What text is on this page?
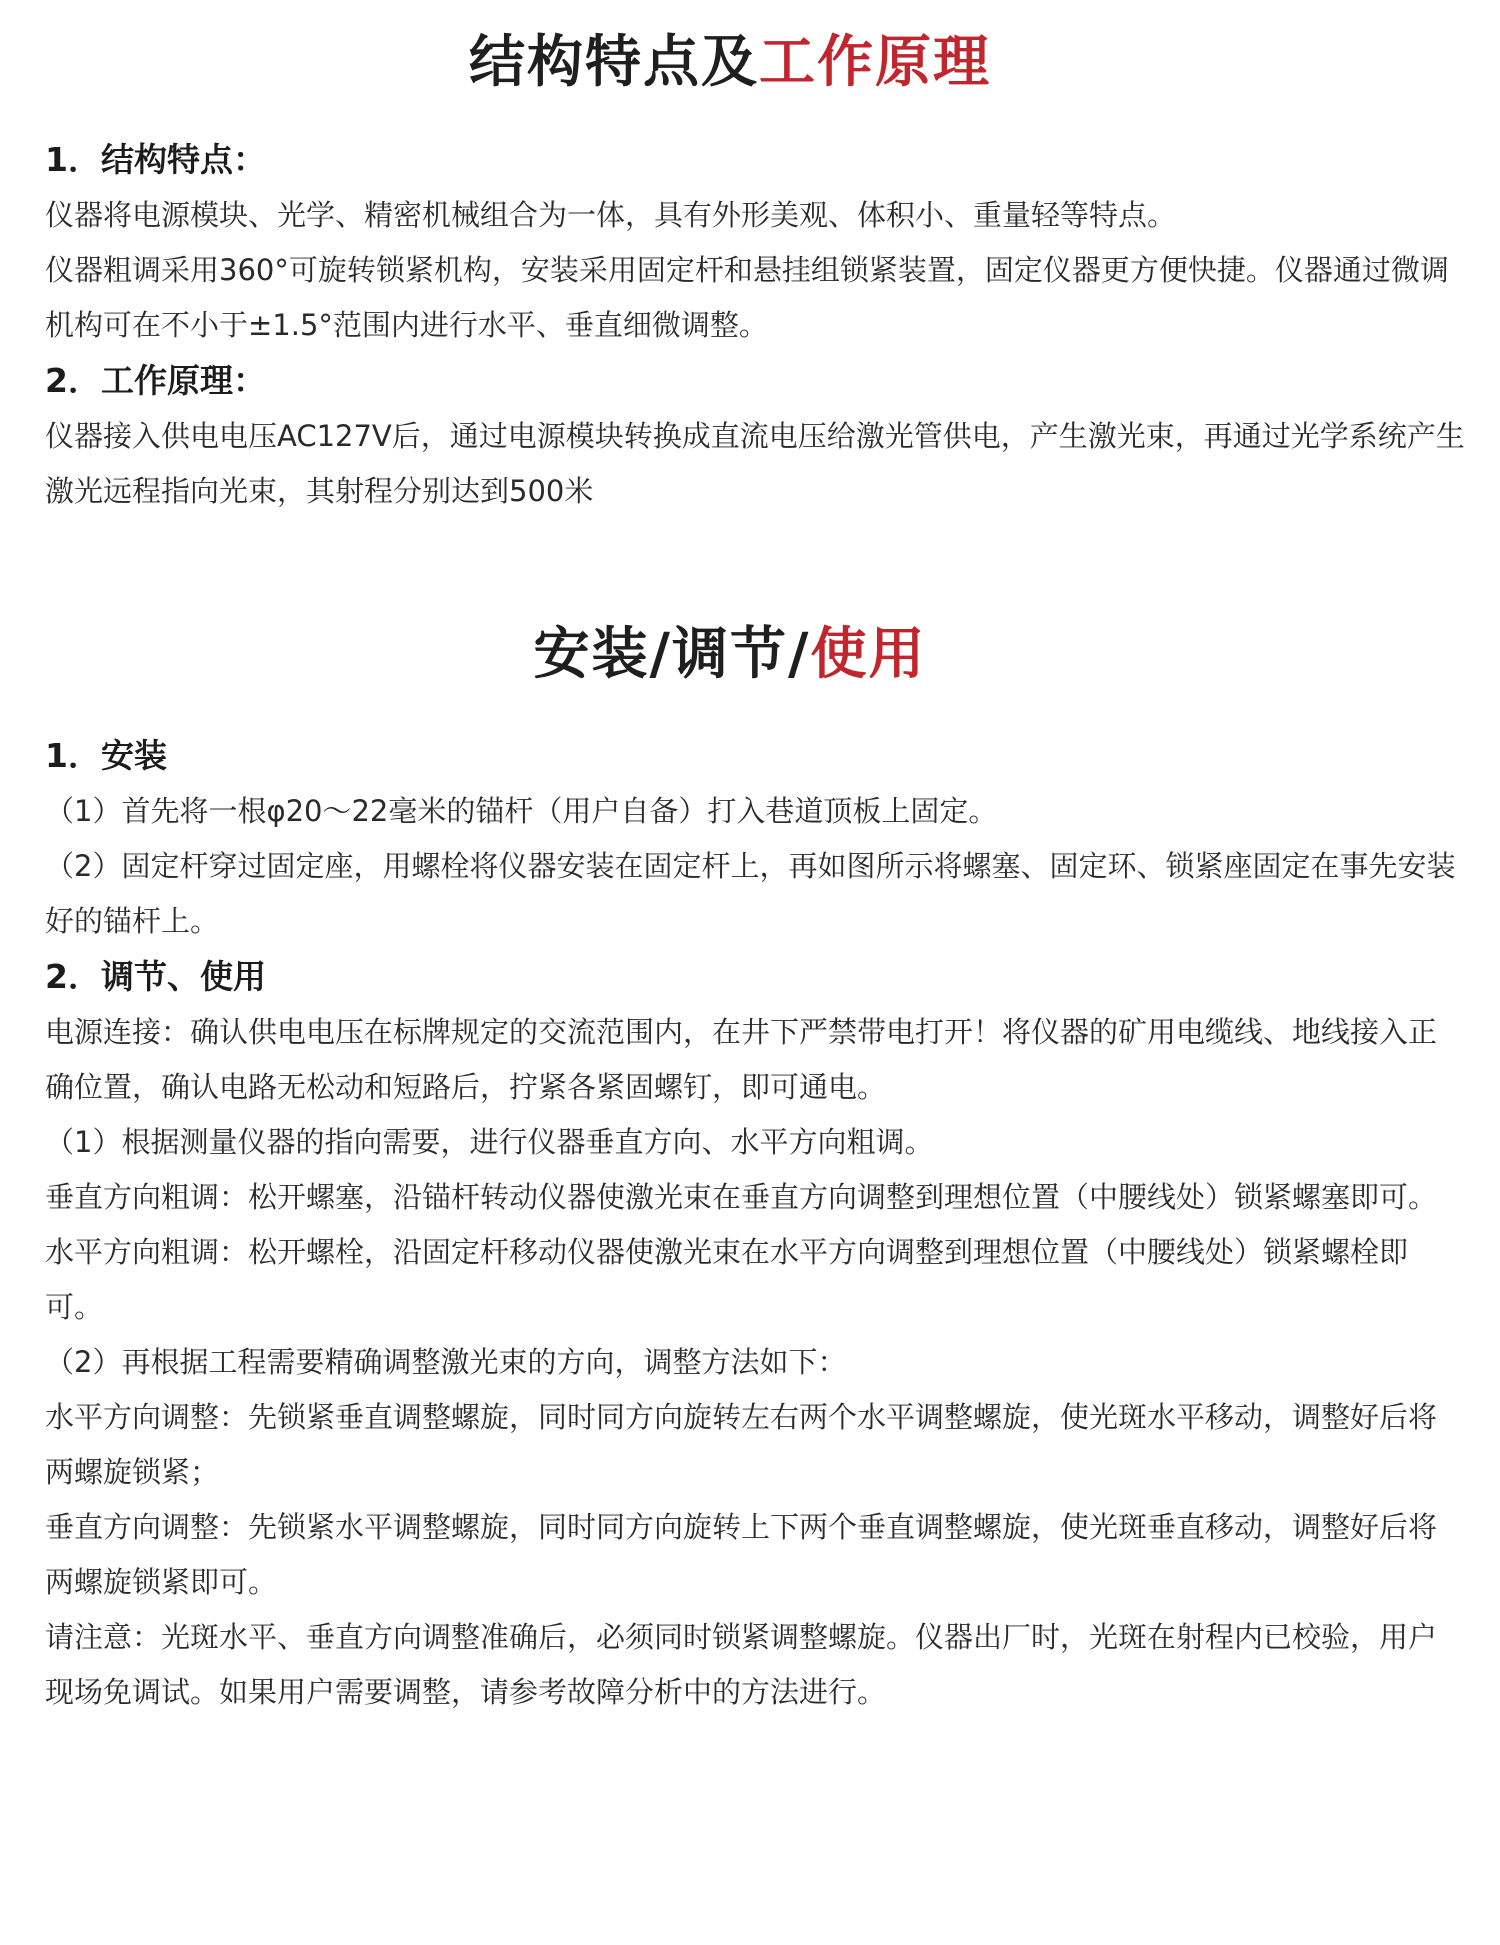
结构特点及工作原理

1．结构特点：

仪器将电源模块、光学、精密机械组合为一体，具有外形美观、体积小、重量轻等特点。

仪器粗调采用360°可旋转锁紧机构，安装采用固定杆和悬挂组锁紧装置，固定仪器更方便快捷。仪器通过微调机构可在不小于±1.5°范围内进行水平、垂直细微调整。

2．工作原理：

仪器接入供电电压AC127V后，通过电源模块转换成直流电压给激光管供电，产生激光束，再通过光学系统产生激光远程指向光束，其射程分别达到500米

安装/调节/使用

1．安装

（1）首先将一根φ20～22毫米的锚杆（用户自备）打入巷道顶板上固定。

（2）固定杆穿过固定座，用螺栓将仪器安装在固定杆上，再如图所示将螺塞、固定环、锁紧座固定在事先安装好的锚杆上。

2．调节、使用

电源连接：确认供电电压在标牌规定的交流范围内，在井下严禁带电打开！将仪器的矿用电缆线、地线接入正确位置，确认电路无松动和短路后，拧紧各紧固螺钉，即可通电。

（1）根据测量仪器的指向需要，进行仪器垂直方向、水平方向粗调。

垂直方向粗调：松开螺塞，沿锚杆转动仪器使激光束在垂直方向调整到理想位置（中腰线处）锁紧螺塞即可。

水平方向粗调：松开螺栓，沿固定杆移动仪器使激光束在水平方向调整到理想位置（中腰线处）锁紧螺栓即可。

（2）再根据工程需要精确调整激光束的方向，调整方法如下：

水平方向调整：先锁紧垂直调整螺旋，同时同方向旋转左右两个水平调整螺旋，使光斑水平移动，调整好后将两螺旋锁紧；

垂直方向调整：先锁紧水平调整螺旋，同时同方向旋转上下两个垂直调整螺旋，使光斑垂直移动，调整好后将两螺旋锁紧即可。

请注意：光斑水平、垂直方向调整准确后，必须同时锁紧调整螺旋。仪器出厂时，光斑在射程内已校验，用户现场免调试。如果用户需要调整，请参考故障分析中的方法进行。
